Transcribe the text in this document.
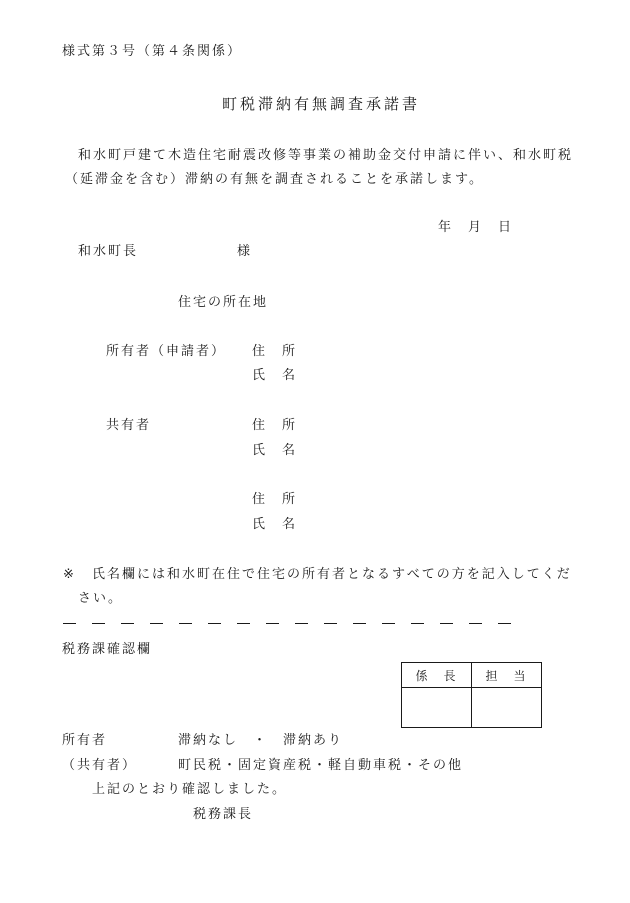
様式第３号（第４条関係）
町税滞納有無調査承諾書
和水町戸建て木造住宅耐震改修等事業の補助金交付申請に伴い、和水町税
（延滞金を含む）滞納の有無を調査されることを承諾します。
年 月 日
和水町長	様
住宅の所在地
所有者（申請者） 住　所
氏　名
共有者	住　所
氏　名
住　所
氏　名
※ 氏名欄には和水町在住で住宅の所有者となるすべての方を記入してくだ
さい。
税務課確認欄
係　長	担　当

所有者	滞納なし　・　滞納あり
（共有者）	町民税・固定資産税・軽自動車税・その他
上記のとおり確認しました。
税務課長
